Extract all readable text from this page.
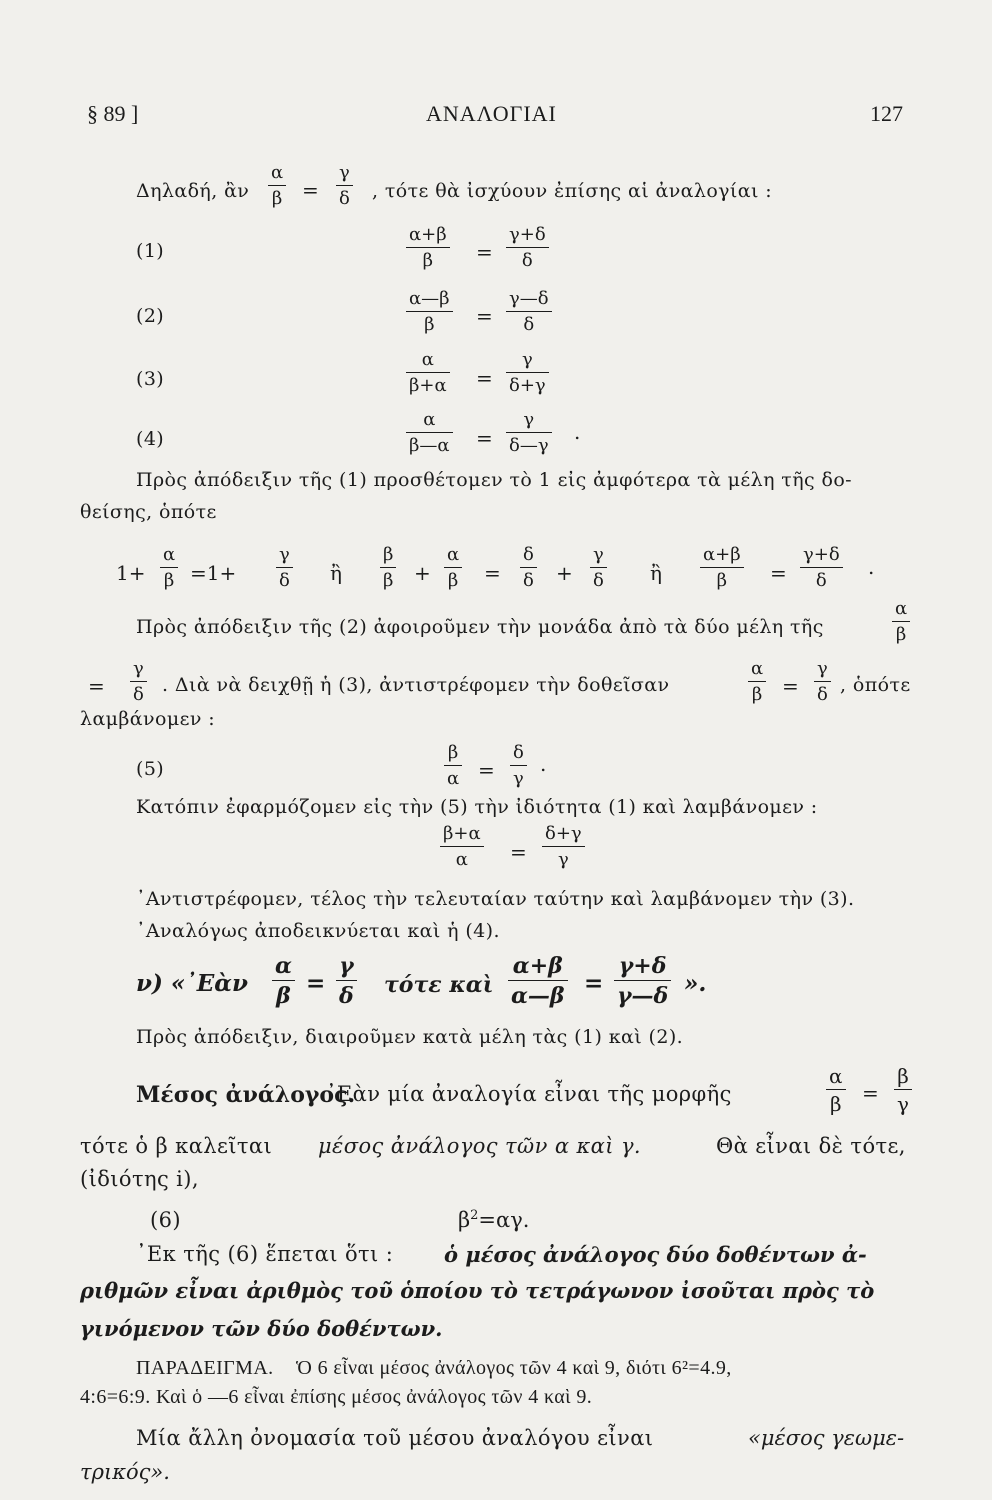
§ 89 ]	ΑΝΑΛΟΓΙΑΙ	127
Δηλαδή, ἂν $\frac{\alpha}{\beta} = \frac{\gamma}{\delta}$ , τότε θὰ ἰσχύουν ἐπίσης αἱ ἀναλογίαι :
(1)	$\frac{\alpha+\beta}{\beta} = \frac{\gamma+\delta}{\delta}$
(2)	$\frac{\alpha—\beta}{\beta} = \frac{\gamma—\delta}{\delta}$
(3)	$\frac{\alpha}{\beta+\alpha} = \frac{\gamma}{\delta+\gamma}$
(4)	$\frac{\alpha}{\beta—\alpha} = \frac{\gamma}{\delta—\gamma}$ .
Πρὸς ἀπόδειξιν τῆς (1) προσθέτομεν τὸ 1 εἰς ἀμφότερα τὰ μέλη τῆς δο-
θείσης, ὁπότε
$1+ \frac{\alpha}{\beta} =1+ \frac{\gamma}{\delta}$ ἢ $\frac{\beta}{\beta} + \frac{\alpha}{\beta} = \frac{\delta}{\delta} + \frac{\gamma}{\delta}$ ἢ $\frac{\alpha+\beta}{\beta} = \frac{\gamma+\delta}{\delta}$ .
Πρὸς ἀπόδειξιν τῆς (2) ἀφοιροῦμεν τὴν μονάδα ἀπὸ τὰ δύο μέλη τῆς	$\frac{\alpha}{\beta}$
= $\frac{\gamma}{\delta}$ . Διὰ νὰ δειχθῇ ἡ (3), ἀντιστρέφομεν τὴν δοθεῖσαν	$\frac{\alpha}{\beta} = \frac{\gamma}{\delta}$ , ὁπότε
λαμβάνομεν :
(5)	$\frac{\beta}{\alpha} = \frac{\delta}{\gamma}$ .
Κατόπιν ἐφαρμόζομεν εἰς τὴν (5) τὴν ἰδιότητα (1) καὶ λαμβάνομεν :
$\frac{\beta+\alpha}{\alpha} = \frac{\delta+\gamma}{\gamma}$
᾿Αντιστρέφομεν, τέλος τὴν τελευταίαν ταύτην καὶ λαμβάνομεν τὴν (3).
᾿Αναλόγως ἀποδεικνύεται καὶ ἡ (4).
ν) «᾿Εὰν $\frac{\alpha}{\beta} = \frac{\gamma}{\delta}$ τότε καὶ $\frac{\alpha+\beta}{\alpha—\beta} = \frac{\gamma+\delta}{\gamma—\delta}$ ».
Πρὸς ἀπόδειξιν, διαιροῦμεν κατὰ μέλη τὰς (1) καὶ (2).
Μέσος ἀνάλογος.
᾿Εὰν μία ἀναλογία εἶναι τῆς μορφῆς	$\frac{\alpha}{\beta} = \frac{\beta}{\gamma}$
τότε ὁ β καλεῖται μέσος ἀνάλογος τῶν α καὶ γ.	Θὰ εἶναι δὲ τότε,
(ἰδιότης i),
(6)	$\beta^2=\alpha\gamma$.
᾿Εκ τῆς (6) ἕπεται ὅτι : ὁ μέσος ἀνάλογος δύο δοθέντων ἀ-
ριθμῶν εἶναι ἀριθμὸς τοῦ ὁποίου τὸ τετράγωνον ἰσοῦται πρὸς τὸ
γινόμενον τῶν δύο δοθέντων.
ΠΑΡΑΔΕΙΓΜΑ. Ὁ 6 εἶναι μέσος ἀνάλογος τῶν 4 καὶ 9, διότι 6²=4.9,
4:6=6:9. Καὶ ὁ —6 εἶναι ἐπίσης μέσος ἀνάλογος τῶν 4 καὶ 9.
Μία ἄλλη ὀνομασία τοῦ μέσου ἀναλόγου εἶναι	«μέσος γεωμε-
τρικός».
